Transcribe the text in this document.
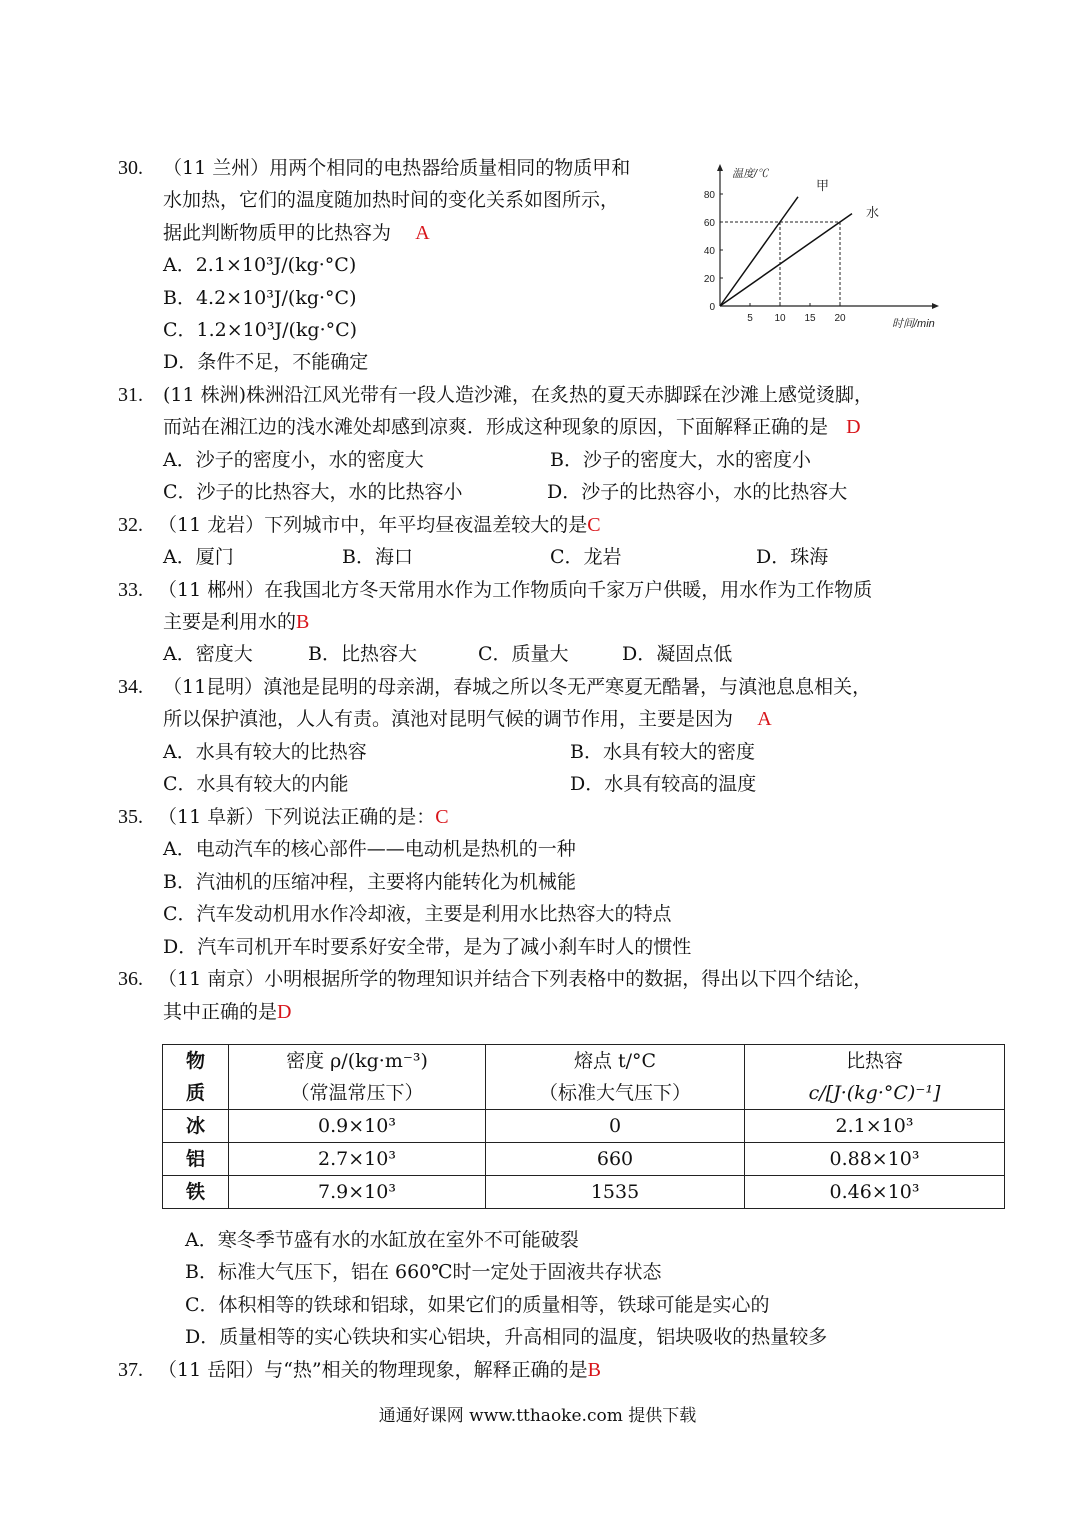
30. （11 兰州）用两个相同的电热器给质量相同的物质甲和
水加热，它们的温度随加热时间的变化关系如图所示，
据此判断物质甲的比热容为 A
A．2.1×10³J/(kg·°C)
B．4.2×10³J/(kg·°C)
C．1.2×10³J/(kg·°C)
D．条件不足，不能确定
0
20
40
60
80
5 10 15 20
温度/℃
时间/min
甲
水
31. (11 株洲)株洲沿江风光带有一段人造沙滩，在炙热的夏天赤脚踩在沙滩上感觉烫脚，
而站在湘江边的浅水滩处却感到凉爽．形成这种现象的原因，下面解释正确的是 D
A．沙子的密度小，水的密度大	B．沙子的密度大，水的密度小
C．沙子的比热容大，水的比热容小	D．沙子的比热容小，水的比热容大
32. （11 龙岩）下列城市中，年平均昼夜温差较大的是C
A．厦门	B．海口	C．龙岩	D．珠海
33. （11 郴州）在我国北方冬天常用水作为工作物质向千家万户供暖，用水作为工作物质
主要是利用水的B
A．密度大	B．比热容大	C．质量大	D．凝固点低
34. （11昆明）滇池是昆明的母亲湖，春城之所以冬无严寒夏无酷暑，与滇池息息相关，
所以保护滇池，人人有责。滇池对昆明气候的调节作用，主要是因为 A
A．水具有较大的比热容	B．水具有较大的密度
C．水具有较大的内能	D．水具有较高的温度
35. （11 阜新）下列说法正确的是：C
A．电动汽车的核心部件——电动机是热机的一种
B．汽油机的压缩冲程，主要将内能转化为机械能
C．汽车发动机用水作冷却液，主要是利用水比热容大的特点
D．汽车司机开车时要系好安全带，是为了减小刹车时人的惯性
36. （11 南京）小明根据所学的物理知识并结合下列表格中的数据，得出以下四个结论，
其中正确的是D
物	密度 ρ/(kg·m⁻³)	熔点 t/°C	比热容
质	（常温常压下）	（标准大气压下）	c/[J·(kg·°C)⁻¹]
冰	0.9×10³	0	2.1×10³
铝	2.7×10³	660	0.88×10³
铁	7.9×10³	1535	0.46×10³
A．寒冬季节盛有水的水缸放在室外不可能破裂
B．标准大气压下，铝在 660℃时一定处于固液共存状态
C．体积相等的铁球和铝球，如果它们的质量相等，铁球可能是实心的
D．质量相等的实心铁块和实心铝块，升高相同的温度，铝块吸收的热量较多
37. （11 岳阳）与“热”相关的物理现象，解释正确的是B
通通好课网 www.tthaoke.com 提供下载
